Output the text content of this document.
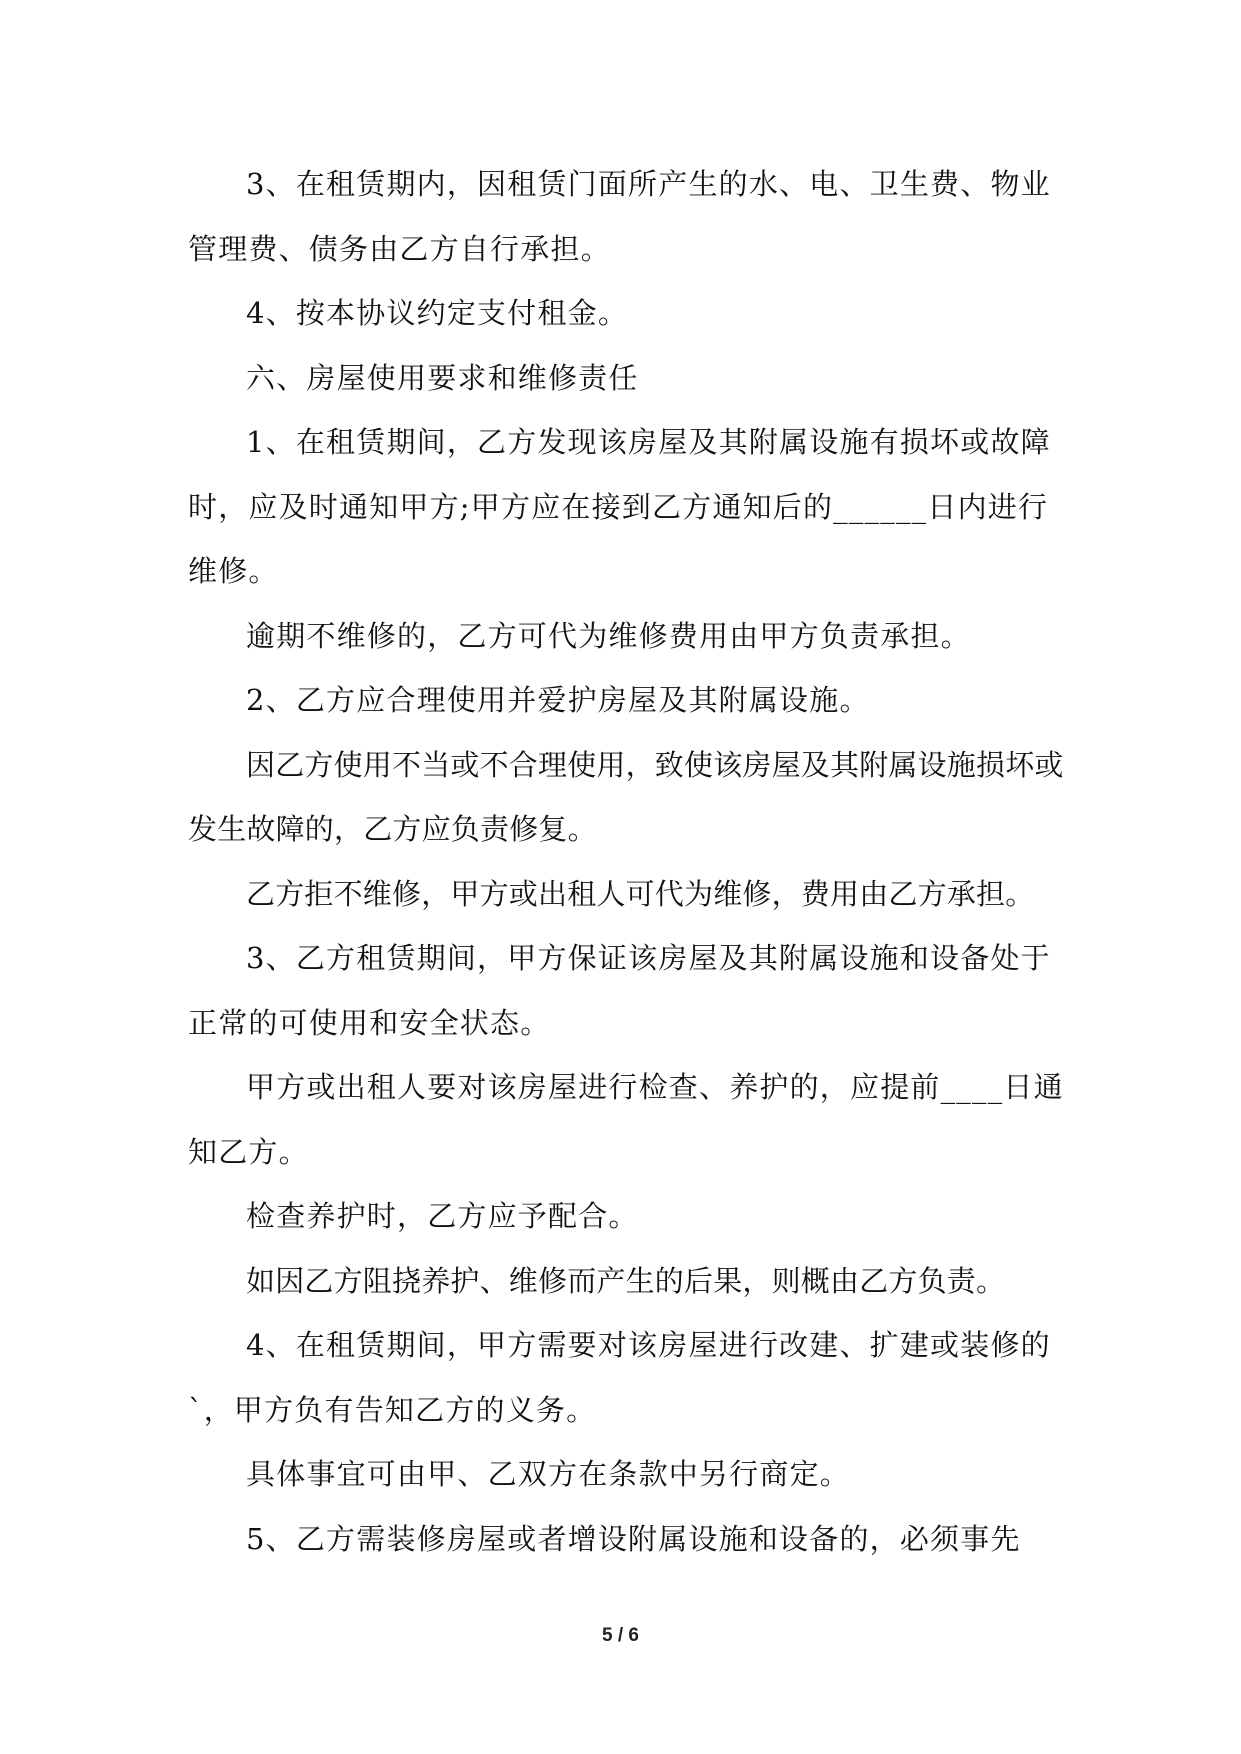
3、在租赁期内，因租赁门面所产生的水、电、卫生费、物业管理费、债务由乙方自行承担。

4、按本协议约定支付租金。

六、房屋使用要求和维修责任

1、在租赁期间，乙方发现该房屋及其附属设施有损坏或故障时，应及时通知甲方;甲方应在接到乙方通知后的______日内进行维修。

逾期不维修的，乙方可代为维修费用由甲方负责承担。

2、乙方应合理使用并爱护房屋及其附属设施。

因乙方使用不当或不合理使用，致使该房屋及其附属设施损坏或发生故障的，乙方应负责修复。

乙方拒不维修，甲方或出租人可代为维修，费用由乙方承担。

3、乙方租赁期间，甲方保证该房屋及其附属设施和设备处于正常的可使用和安全状态。

甲方或出租人要对该房屋进行检查、养护的，应提前____日通知乙方。

检查养护时，乙方应予配合。

如因乙方阻挠养护、维修而产生的后果，则概由乙方负责。

4、在租赁期间，甲方需要对该房屋进行改建、扩建或装修的`，甲方负有告知乙方的义务。

具体事宜可由甲、乙双方在条款中另行商定。

5、乙方需装修房屋或者增设附属设施和设备的，必须事先

5 / 6
